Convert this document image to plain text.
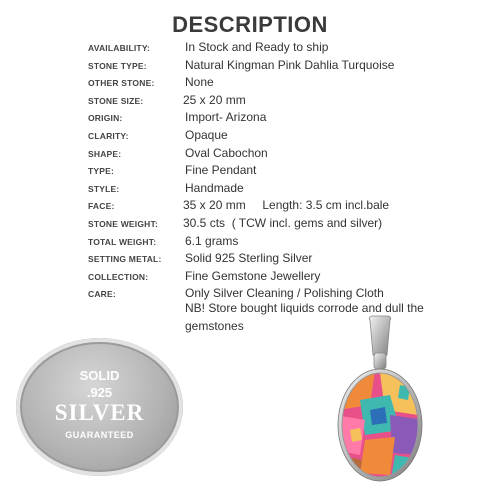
DESCRIPTION
AVAILABILITY:	In Stock and Ready to ship
STONE TYPE:	Natural Kingman Pink Dahlia Turquoise
OTHER STONE:	None
STONE SIZE:	25 x 20 mm
ORIGIN:	Import- Arizona
CLARITY:	Opaque
SHAPE:	Oval Cabochon
TYPE:	Fine Pendant
STYLE:	Handmade
FACE:	35 x 20 mm     Length: 3.5 cm incl.bale
STONE WEIGHT: 30.5 cts  ( TCW incl. gems and silver)
TOTAL WEIGHT: 6.1 grams
SETTING METAL: Solid 925 Sterling Silver
COLLECTION:	Fine Gemstone Jewellery
CARE:	Only Silver Cleaning / Polishing Cloth
NB! Store bought liquids corrode and dull the gemstones
SOLID
.925
SILVER
GUARANTEED
